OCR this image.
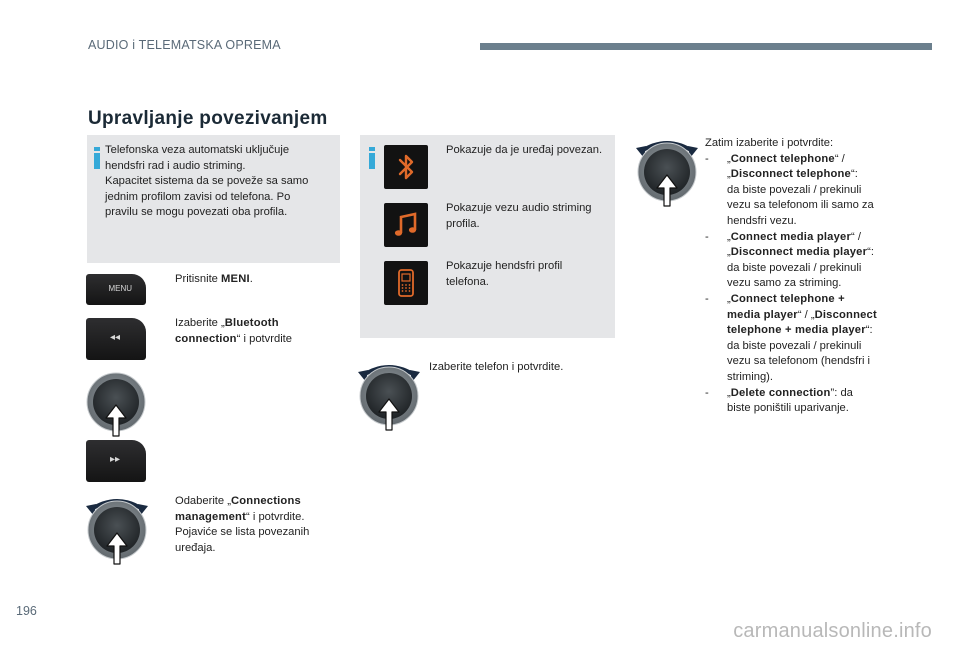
AUDIO i TELEMATSKA OPREMA
Upravljanje povezivanjem
Telefonska veza automatski uključuje
hendsfri rad i audio striming.
Kapacitet sistema da se poveže sa samo
jednim profilom zavisi od telefona. Po
pravilu se mogu povezati oba profila.
MENU
Pritisnite MENI.
◂◂
Izaberite „Bluetooth
connection“ i potvrdite
▸▸
Odaberite „Connections
management“ i potvrdite.
Pojaviće se lista povezanih
uređaja.
Pokazuje da je uređaj povezan.
Pokazuje vezu audio striming
profila.
Pokazuje hendsfri profil
telefona.
Izaberite telefon i potvrdite.
Zatim izaberite i potvrdite:
- „Connect telephone“ /
„Disconnect telephone“:
da biste povezali / prekinuli
vezu sa telefonom ili samo za
hendsfri vezu.
- „Connect media player“ /
„Disconnect media player“:
da biste povezali / prekinuli
vezu samo za striming.
- „Connect telephone +
media player“ / „Disconnect
telephone + media player“:
da biste povezali / prekinuli
vezu sa telefonom (hendsfri i
striming).
- „Delete connection”: da
biste poništili uparivanje.
196
carmanualsonline.info
